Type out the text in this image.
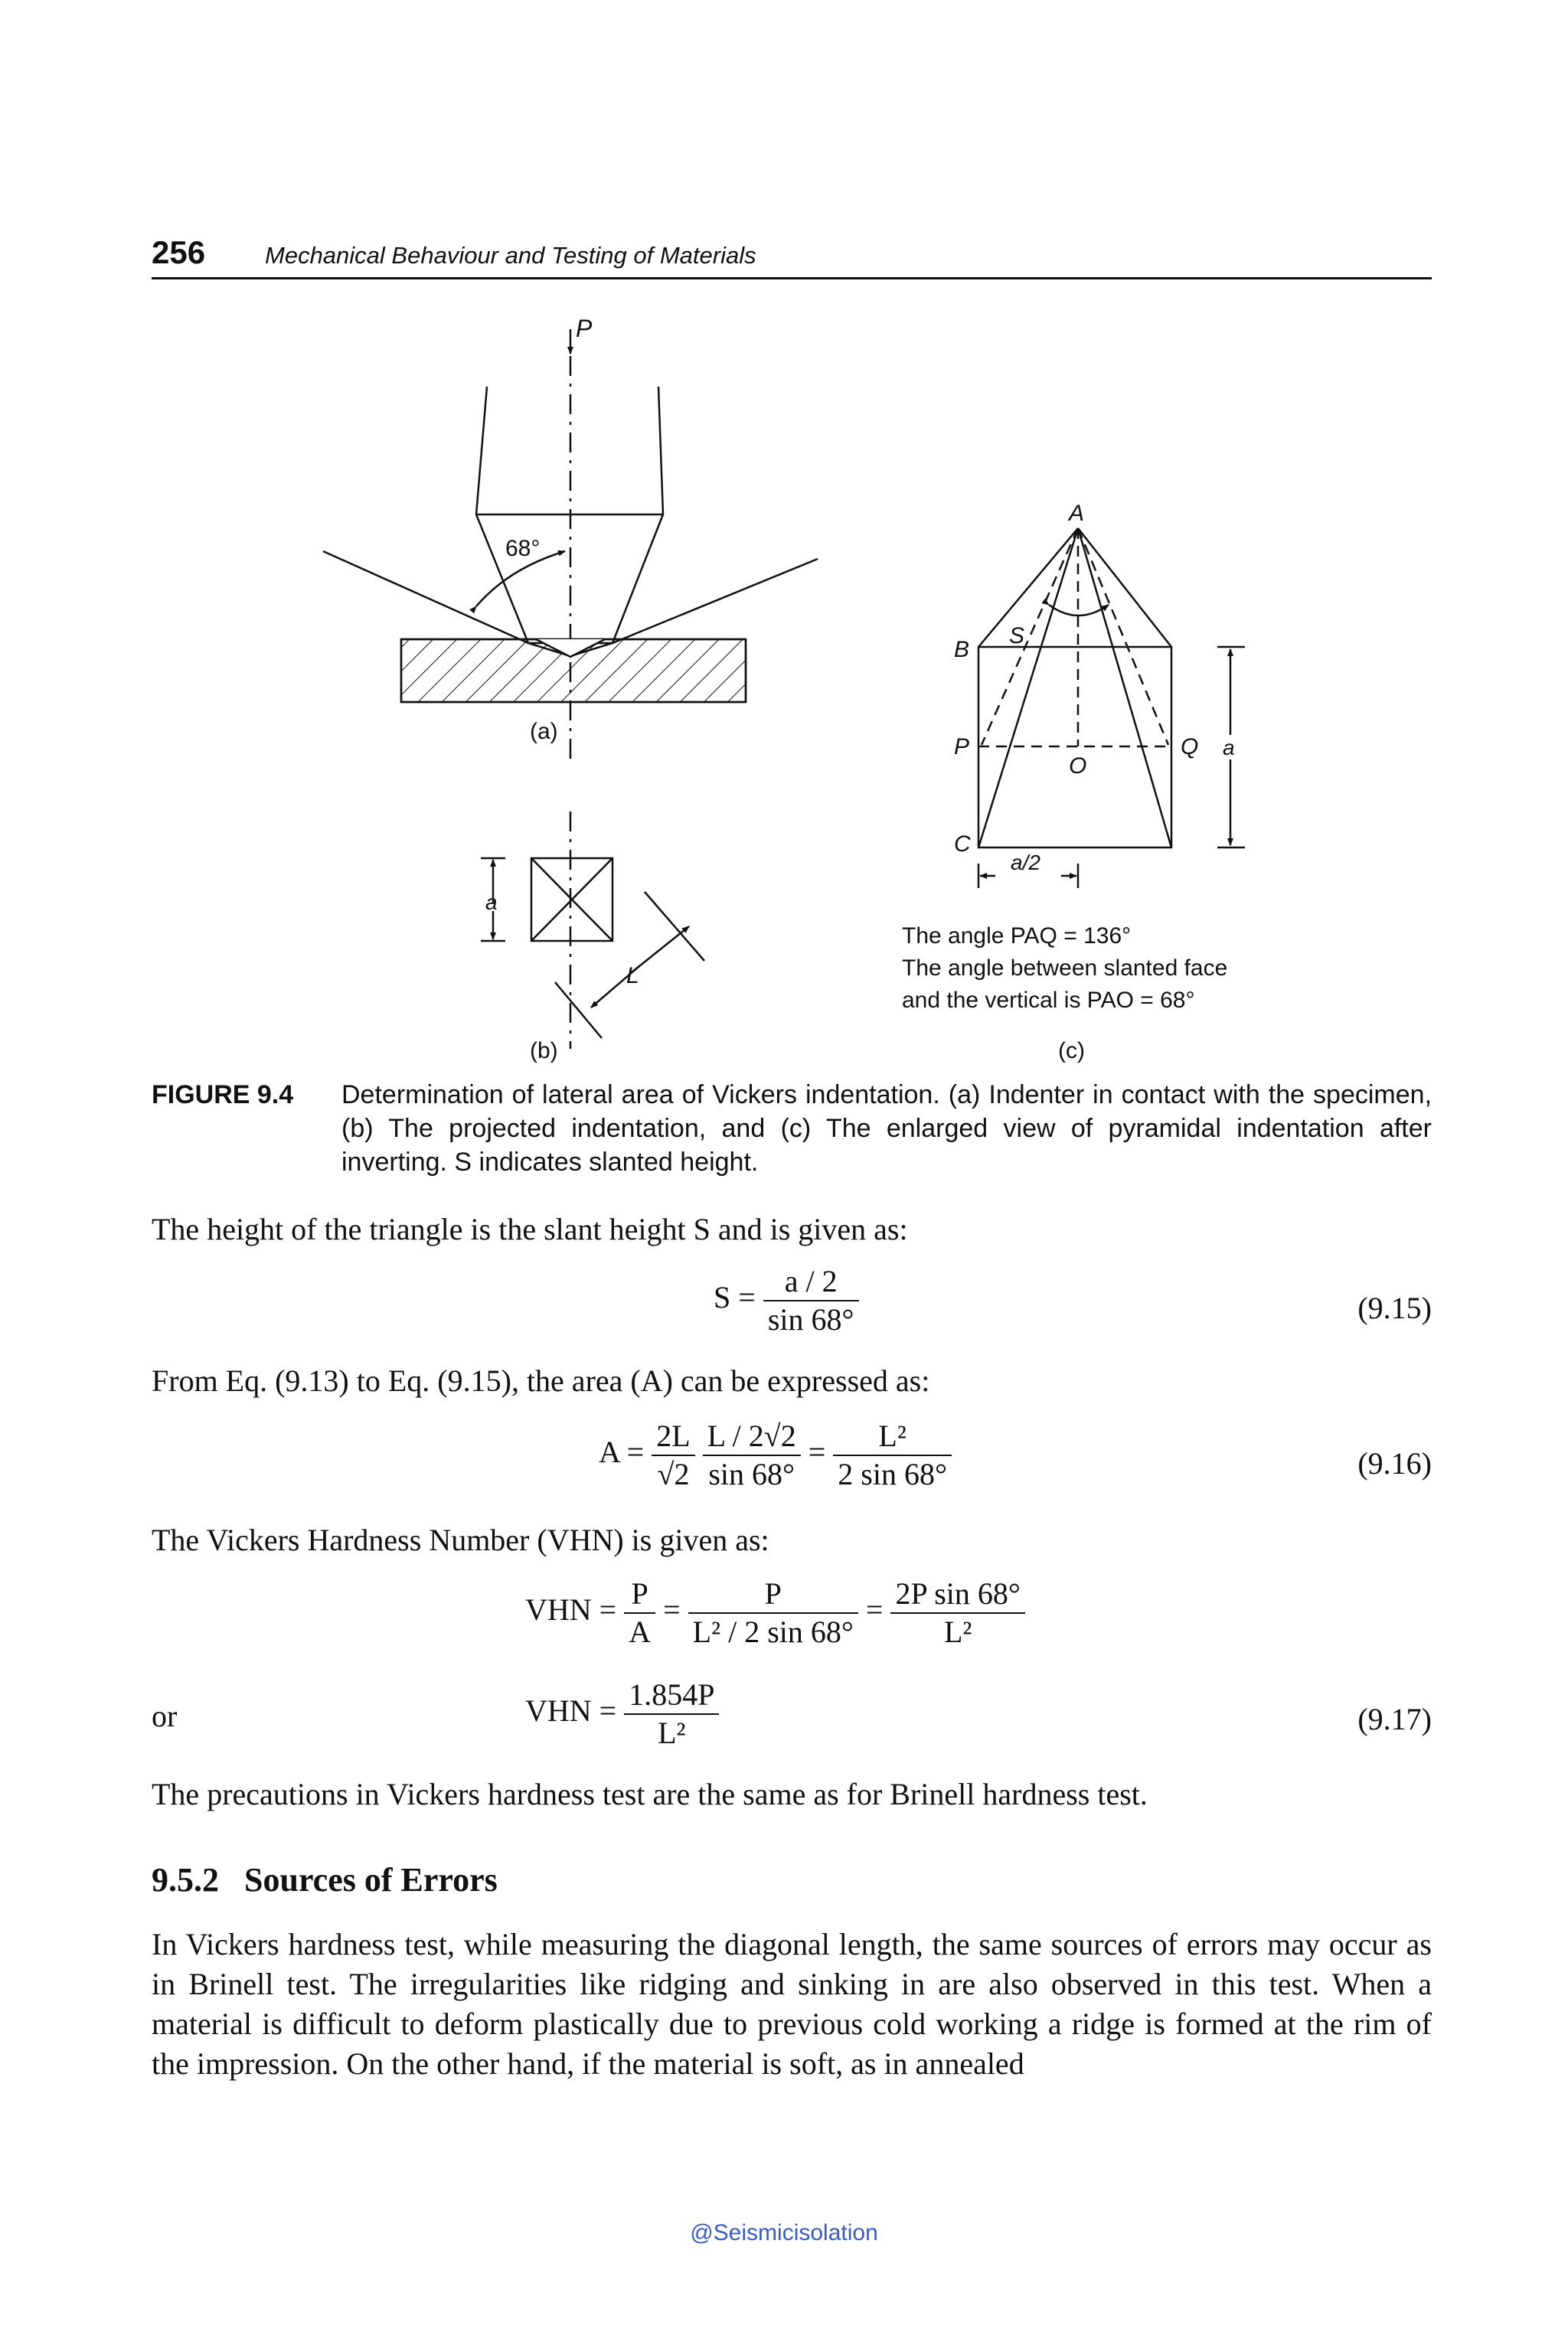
256	Mechanical Behaviour and Testing of Materials
P
68°
(a)
a
L
(b)
A
B
S
P
O
Q a
C
a/2
The angle PAQ = 136°
The angle between slanted face
and the vertical is PAO = 68°
(c)
FIGURE 9.4 Determination of lateral area of Vickers indentation. (a) Indenter in contact with the specimen, (b) The projected indentation, and (c) The enlarged view of pyramidal indentation after inverting. S indicates slanted height.
The height of the triangle is the slant height S and is given as:
$S = \frac{a / 2}{\sin 68^\circ}$	(9.15)
From Eq. (9.13) to Eq. (9.15), the area (A) can be expressed as:
$A = \frac{2L}{√2}$
$\frac{L / 2√2}{\sin 68^\circ} = \frac{\text{L²}}{2 \sin 68^\circ}$	(9.16)
The Vickers Hardness Number (VHN) is given as:
VHN = $\frac{P}{A} = \frac{P}{\text{L² / 2 sin 68°}} = \frac{\text{2P sin 68°}}{\text{L²}}$
or	VHN = $\frac{1.854P}{\text{L²}}$	(9.17)
The precautions in Vickers hardness test are the same as for Brinell hardness test.
9.5.2 Sources of Errors
In Vickers hardness test, while measuring the diagonal length, the same sources of errors may occur as in Brinell test. The irregularities like ridging and sinking in are also observed in this test. When a material is difficult to deform plastically due to previous cold working a ridge is formed at the rim of the impression. On the other hand, if the material is soft, as in annealed
@Seismicisolation
